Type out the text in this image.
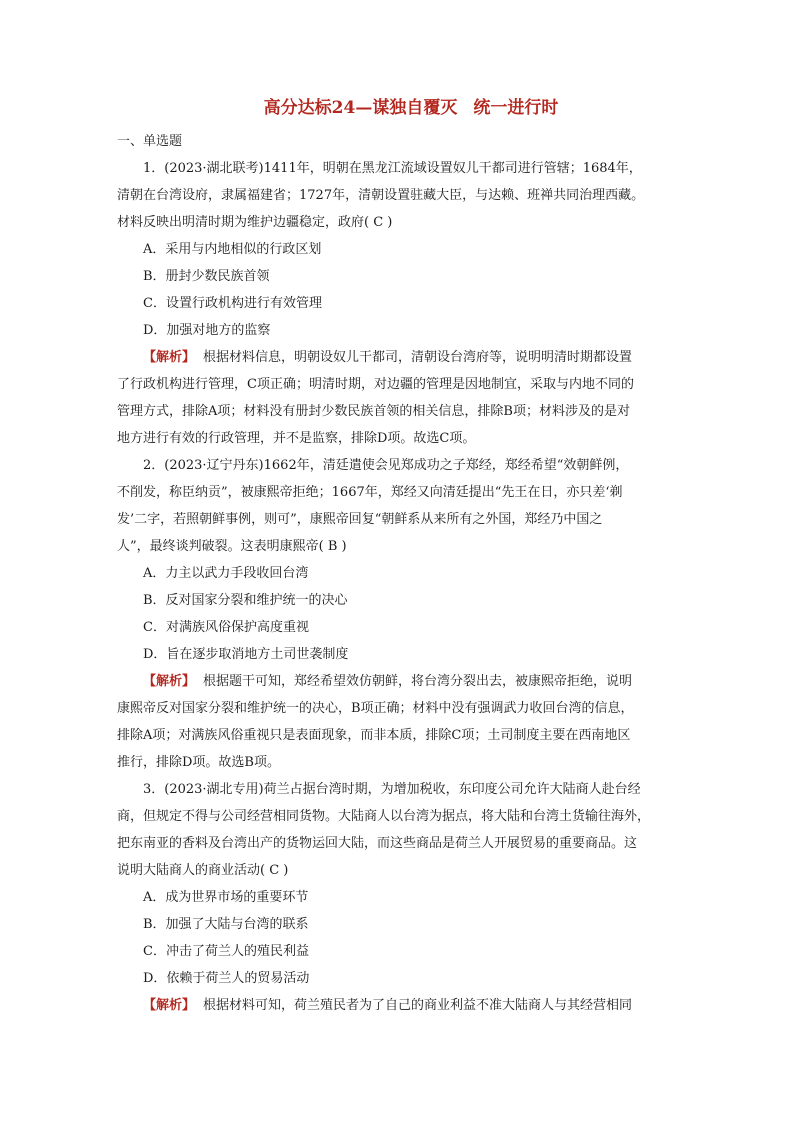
高分达标24—谋独自覆灭 统一进行时
一、单选题
1．(2023·湖北联考)1411年，明朝在黑龙江流域设置奴儿干都司进行管辖；1684年，
清朝在台湾设府，隶属福建省；1727年，清朝设置驻藏大臣，与达赖、班禅共同治理西藏。
材料反映出明清时期为维护边疆稳定，政府( C )
A．采用与内地相似的行政区划
B．册封少数民族首领
C．设置行政机构进行有效管理
D．加强对地方的监察
【解析】 根据材料信息，明朝设奴儿干都司，清朝设台湾府等，说明明清时期都设置
了行政机构进行管理，C项正确；明清时期，对边疆的管理是因地制宜，采取与内地不同的
管理方式，排除A项；材料没有册封少数民族首领的相关信息，排除B项；材料涉及的是对
地方进行有效的行政管理，并不是监察，排除D项。故选C项。
2．(2023·辽宁丹东)1662年，清廷遣使会见郑成功之子郑经，郑经希望“效朝鲜例，
不削发，称臣纳贡”，被康熙帝拒绝；1667年，郑经又向清廷提出“先王在日，亦只差‘剃
发’二字，若照朝鲜事例，则可”，康熙帝回复“朝鲜系从来所有之外国，郑经乃中国之
人”，最终谈判破裂。这表明康熙帝( B )
A．力主以武力手段收回台湾
B．反对国家分裂和维护统一的决心
C．对满族风俗保护高度重视
D．旨在逐步取消地方土司世袭制度
【解析】 根据题干可知，郑经希望效仿朝鲜，将台湾分裂出去，被康熙帝拒绝，说明
康熙帝反对国家分裂和维护统一的决心，B项正确；材料中没有强调武力收回台湾的信息，
排除A项；对满族风俗重视只是表面现象，而非本质，排除C项；土司制度主要在西南地区
推行，排除D项。故选B项。
3．(2023·湖北专用)荷兰占据台湾时期，为增加税收，东印度公司允许大陆商人赴台经
商，但规定不得与公司经营相同货物。大陆商人以台湾为据点，将大陆和台湾土货输往海外，
把东南亚的香料及台湾出产的货物运回大陆，而这些商品是荷兰人开展贸易的重要商品。这
说明大陆商人的商业活动( C )
A．成为世界市场的重要环节
B．加强了大陆与台湾的联系
C．冲击了荷兰人的殖民利益
D．依赖于荷兰人的贸易活动
【解析】 根据材料可知，荷兰殖民者为了自己的商业利益不准大陆商人与其经营相同
